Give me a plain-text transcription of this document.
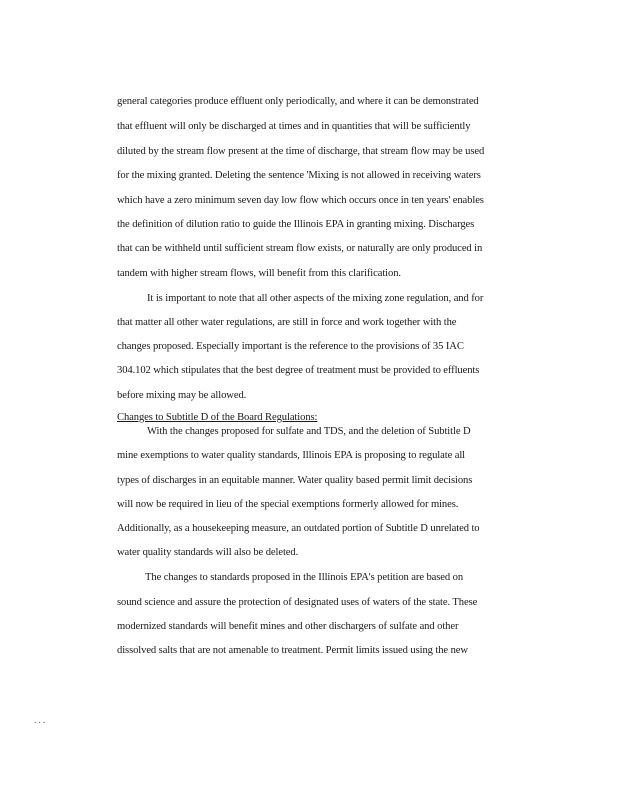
general categories produce effluent only periodically, and where it can be demonstrated
that effluent will only be discharged at times and in quantities that will be sufficiently
diluted by the stream flow present at the time of discharge, that stream flow may be used
for the mixing granted. Deleting the sentence 'Mixing is not allowed in receiving waters
which have a zero minimum seven day low flow which occurs once in ten years' enables
the definition of dilution ratio to guide the Illinois EPA in granting mixing. Discharges
that can be withheld until sufficient stream flow exists, or naturally are only produced in
tandem with higher stream flows, will benefit from this clarification.
It is important to note that all other aspects of the mixing zone regulation, and for
that matter all other water regulations, are still in force and work together with the
changes proposed. Especially important is the reference to the provisions of 35 IAC
304.102 which stipulates that the best degree of treatment must be provided to effluents
before mixing may be allowed.
Changes to Subtitle D of the Board Regulations:
With the changes proposed for sulfate and TDS, and the deletion of Subtitle D
mine exemptions to water quality standards, Illinois EPA is proposing to regulate all
types of discharges in an equitable manner. Water quality based permit limit decisions
will now be required in lieu of the special exemptions formerly allowed for mines.
Additionally, as a housekeeping measure, an outdated portion of Subtitle D unrelated to
water quality standards will also be deleted.
The changes to standards proposed in the Illinois EPA's petition are based on
sound science and assure the protection of designated uses of waters of the state. These
modernized standards will benefit mines and other dischargers of sulfate and other
dissolved salts that are not amenable to treatment. Permit limits issued using the new
. . .
